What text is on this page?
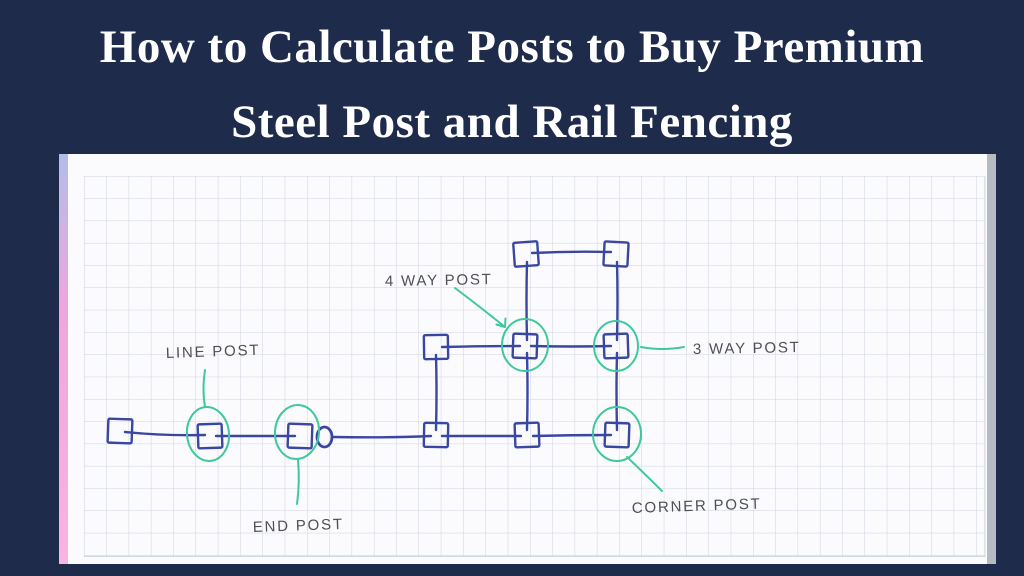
How to Calculate Posts to Buy Premium
Steel Post and Rail Fencing
LINE POST
END POST
4 WAY POST
3 WAY POST
CORNER POST
